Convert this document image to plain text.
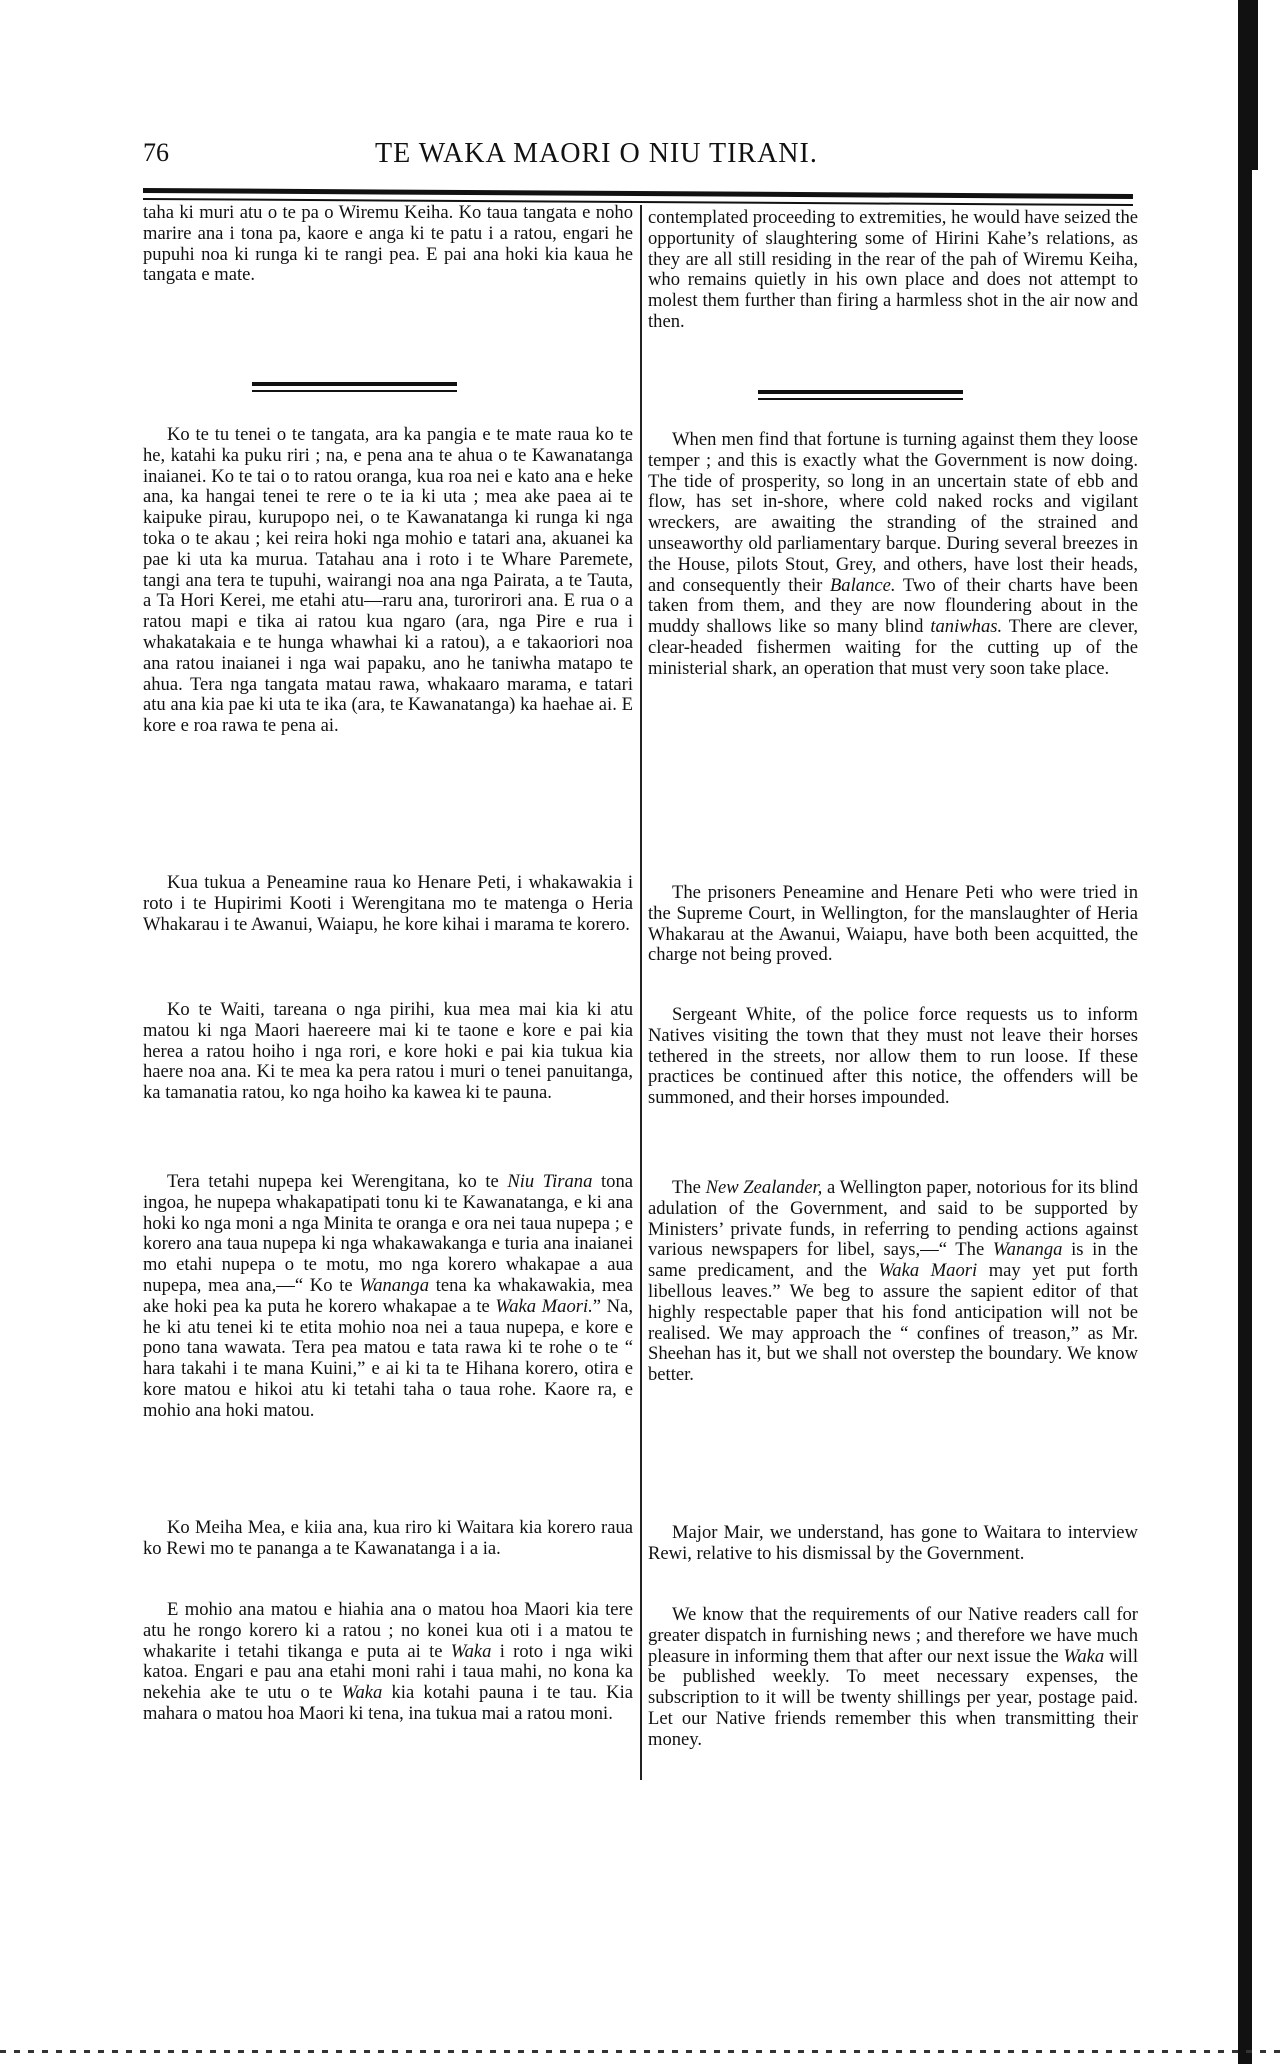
76	TE WAKA MAORI O NIU TIRANI.

taha ki muri atu o te pa o Wiremu Keiha. Ko taua tangata e noho marire ana i tona pa, kaore e anga ki te patu i a ratou, engari he pupuhi noa ki runga ki te rangi pea. E pai ana hoki kia kaua he tangata e mate.

Ko te tu tenei o te tangata, ara ka pangia e te mate raua ko te he, katahi ka puku riri ; na, e pena ana te ahua o te Kawanatanga inaianei. Ko te tai o to ratou oranga, kua roa nei e kato ana e heke ana, ka hangai tenei te rere o te ia ki uta ; mea ake paea ai te kaipuke pirau, kurupopo nei, o te Kawanatanga ki runga ki nga toka o te akau ; kei reira hoki nga mohio e tatari ana, akuanei ka pae ki uta ka murua. Tatahau ana i roto i te Whare Paremete, tangi ana tera te tupuhi, wairangi noa ana nga Pairata, a te Tauta, a Ta Hori Kerei, me etahi atu—raru ana, turorirori ana. E rua o a ratou mapi e tika ai ratou kua ngaro (ara, nga Pire e rua i whakatakaia e te hunga whawhai ki a ratou), a e takaoriori noa ana ratou inaianei i nga wai papaku, ano he taniwha matapo te ahua. Tera nga tangata matau rawa, whakaaro marama, e tatari atu ana kia pae ki uta te ika (ara, te Kawanatanga) ka haehae ai. E kore e roa rawa te pena ai.

Kua tukua a Peneamine raua ko Henare Peti, i whakawakia i roto i te Hupirimi Kooti i Werengitana mo te matenga o Heria Whakarau i te Awanui, Waiapu, he kore kihai i marama te korero.

Ko te Waiti, tareana o nga pirihi, kua mea mai kia ki atu matou ki nga Maori haereere mai ki te taone e kore e pai kia herea a ratou hoiho i nga rori, e kore hoki e pai kia tukua kia haere noa ana. Ki te mea ka pera ratou i muri o tenei panuitanga, ka tamanatia ratou, ko nga hoiho ka kawea ki te pauna.

Tera tetahi nupepa kei Werengitana, ko te Niu Tirana tona ingoa, he nupepa whakapatipati tonu ki te Kawanatanga, e ki ana hoki ko nga moni a nga Minita te oranga e ora nei taua nupepa ; e korero ana taua nupepa ki nga whakawakanga e turia ana inaianei mo etahi nupepa o te motu, mo nga korero whakapae a aua nupepa, mea ana,—“ Ko te Wananga tena ka whakawakia, mea ake hoki pea ka puta he korero whakapae a te Waka Maori.” Na, he ki atu tenei ki te etita mohio noa nei a taua nupepa, e kore e pono tana wawata. Tera pea matou e tata rawa ki te rohe o te “ hara takahi i te mana Kuini,” e ai ki ta te Hihana korero, otira e kore matou e hikoi atu ki tetahi taha o taua rohe. Kaore ra, e mohio ana hoki matou.

Ko Meiha Mea, e kiia ana, kua riro ki Waitara kia korero raua ko Rewi mo te pananga a te Kawanatanga i a ia.

E mohio ana matou e hiahia ana o matou hoa Maori kia tere atu he rongo korero ki a ratou ; no konei kua oti i a matou te whakarite i tetahi tikanga e puta ai te Waka i roto i nga wiki katoa. Engari e pau ana etahi moni rahi i taua mahi, no kona ka nekehia ake te utu o te Waka kia kotahi pauna i te tau. Kia mahara o matou hoa Maori ki tena, ina tukua mai a ratou moni.

contemplated proceeding to extremities, he would have seized the opportunity of slaughtering some of Hirini Kahe’s relations, as they are all still residing in the rear of the pah of Wiremu Keiha, who remains quietly in his own place and does not attempt to molest them further than firing a harmless shot in the air now and then.

When men find that fortune is turning against them they loose temper ; and this is exactly what the Government is now doing. The tide of prosperity, so long in an uncertain state of ebb and flow, has set in-shore, where cold naked rocks and vigilant wreckers, are awaiting the stranding of the strained and unseaworthy old parliamentary barque. During several breezes in the House, pilots Stout, Grey, and others, have lost their heads, and consequently their Balance. Two of their charts have been taken from them, and they are now floundering about in the muddy shallows like so many blind taniwhas. There are clever, clear-headed fishermen waiting for the cutting up of the ministerial shark, an operation that must very soon take place.

The prisoners Peneamine and Henare Peti who were tried in the Supreme Court, in Wellington, for the manslaughter of Heria Whakarau at the Awanui, Waiapu, have both been acquitted, the charge not being proved.

Sergeant White, of the police force requests us to inform Natives visiting the town that they must not leave their horses tethered in the streets, nor allow them to run loose. If these practices be continued after this notice, the offenders will be summoned, and their horses impounded.

The New Zealander, a Wellington paper, notorious for its blind adulation of the Government, and said to be supported by Ministers’ private funds, in referring to pending actions against various newspapers for libel, says,—“ The Wananga is in the same predicament, and the Waka Maori may yet put forth libellous leaves.” We beg to assure the sapient editor of that highly respectable paper that his fond anticipation will not be realised. We may approach the “ confines of treason,” as Mr. Sheehan has it, but we shall not overstep the boundary. We know better.

Major Mair, we understand, has gone to Waitara to interview Rewi, relative to his dismissal by the Government.

We know that the requirements of our Native readers call for greater dispatch in furnishing news ; and therefore we have much pleasure in informing them that after our next issue the Waka will be published weekly. To meet necessary expenses, the subscription to it will be twenty shillings per year, postage paid. Let our Native friends remember this when transmitting their money.
